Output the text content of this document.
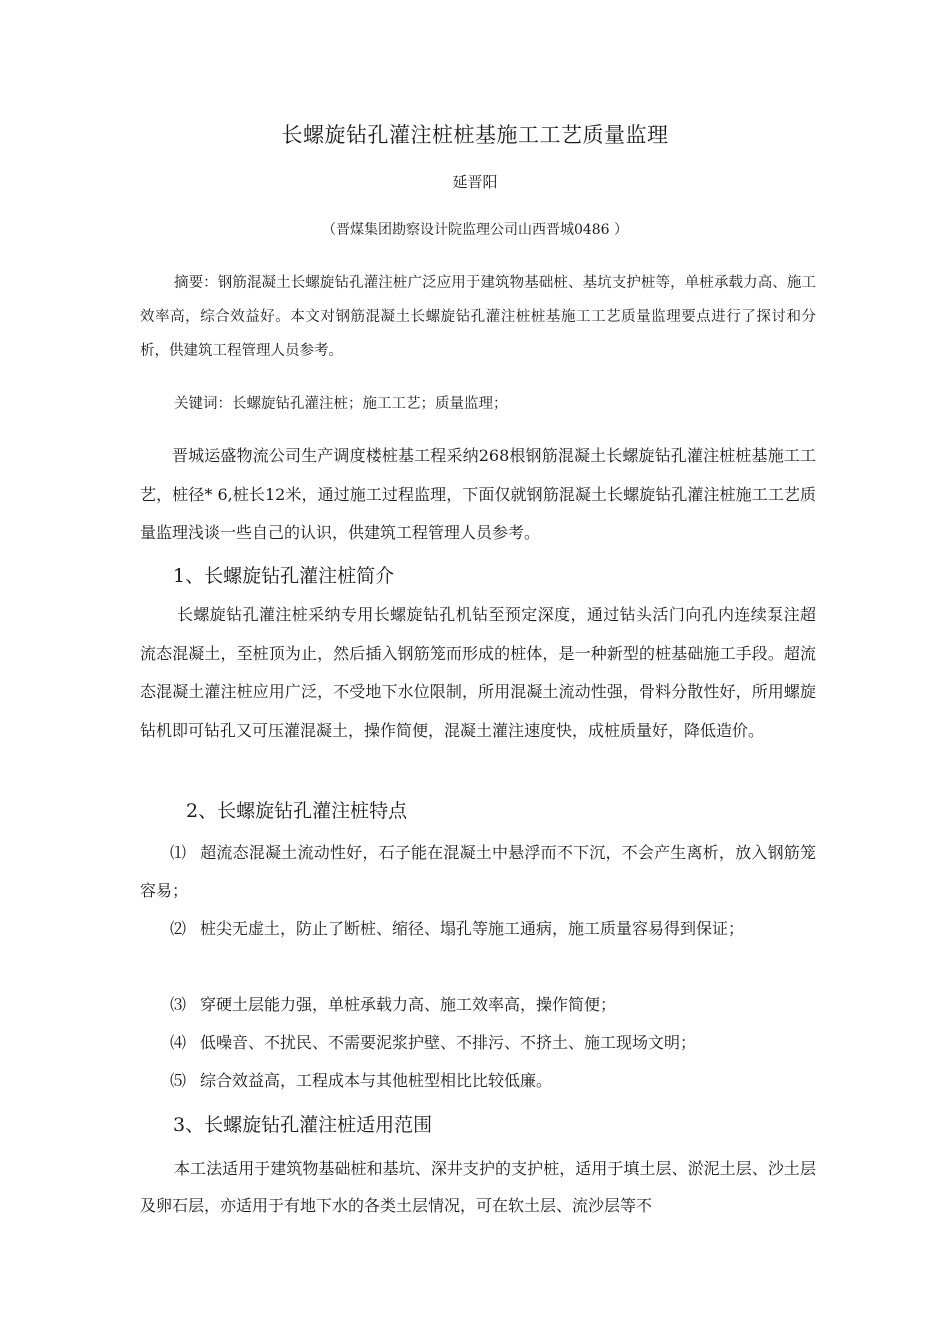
长螺旋钻孔灌注桩桩基施工工艺质量监理
延晋阳
（晋煤集团勘察设计院监理公司山西晋城0486 ）
摘要：钢筋混凝土长螺旋钻孔灌注桩广泛应用于建筑物基础桩、基坑支护桩等，单桩承载力高、施工效率高，综合效益好。本文对钢筋混凝土长螺旋钻孔灌注桩桩基施工工艺质量监理要点进行了探讨和分析，供建筑工程管理人员参考。
关键词：长螺旋钻孔灌注桩；施工工艺；质量监理；
晋城运盛物流公司生产调度楼桩基工程采纳268根钢筋混凝土长螺旋钻孔灌注桩桩基施工工艺，桩径* 6,桩长12米，通过施工过程监理，下面仅就钢筋混凝土长螺旋钻孔灌注桩施工工艺质量监理浅谈一些自己的认识，供建筑工程管理人员参考。
1、长螺旋钻孔灌注桩简介
长螺旋钻孔灌注桩采纳专用长螺旋钻孔机钻至预定深度，通过钻头活门向孔内连续泵注超流态混凝土，至桩顶为止，然后插入钢筋笼而形成的桩体，是一种新型的桩基础施工手段。超流态混凝土灌注桩应用广泛，不受地下水位限制，所用混凝土流动性强，骨料分散性好，所用螺旋钻机即可钻孔又可压灌混凝土，操作简便，混凝土灌注速度快，成桩质量好，降低造价。
2、长螺旋钻孔灌注桩特点
⑴ 超流态混凝土流动性好，石子能在混凝土中悬浮而不下沉，不会产生离析，放入钢筋笼容易；
⑵ 桩尖无虚土，防止了断桩、缩径、塌孔等施工通病，施工质量容易得到保证；
⑶ 穿硬土层能力强，单桩承载力高、施工效率高，操作简便；
⑷ 低噪音、不扰民、不需要泥浆护壁、不排污、不挤土、施工现场文明；
⑸ 综合效益高，工程成本与其他桩型相比比较低廉。
3、长螺旋钻孔灌注桩适用范围
本工法适用于建筑物基础桩和基坑、深井支护的支护桩，适用于填土层、淤泥土层、沙土层及卵石层，亦适用于有地下水的各类土层情况，可在软土层、流沙层等不
